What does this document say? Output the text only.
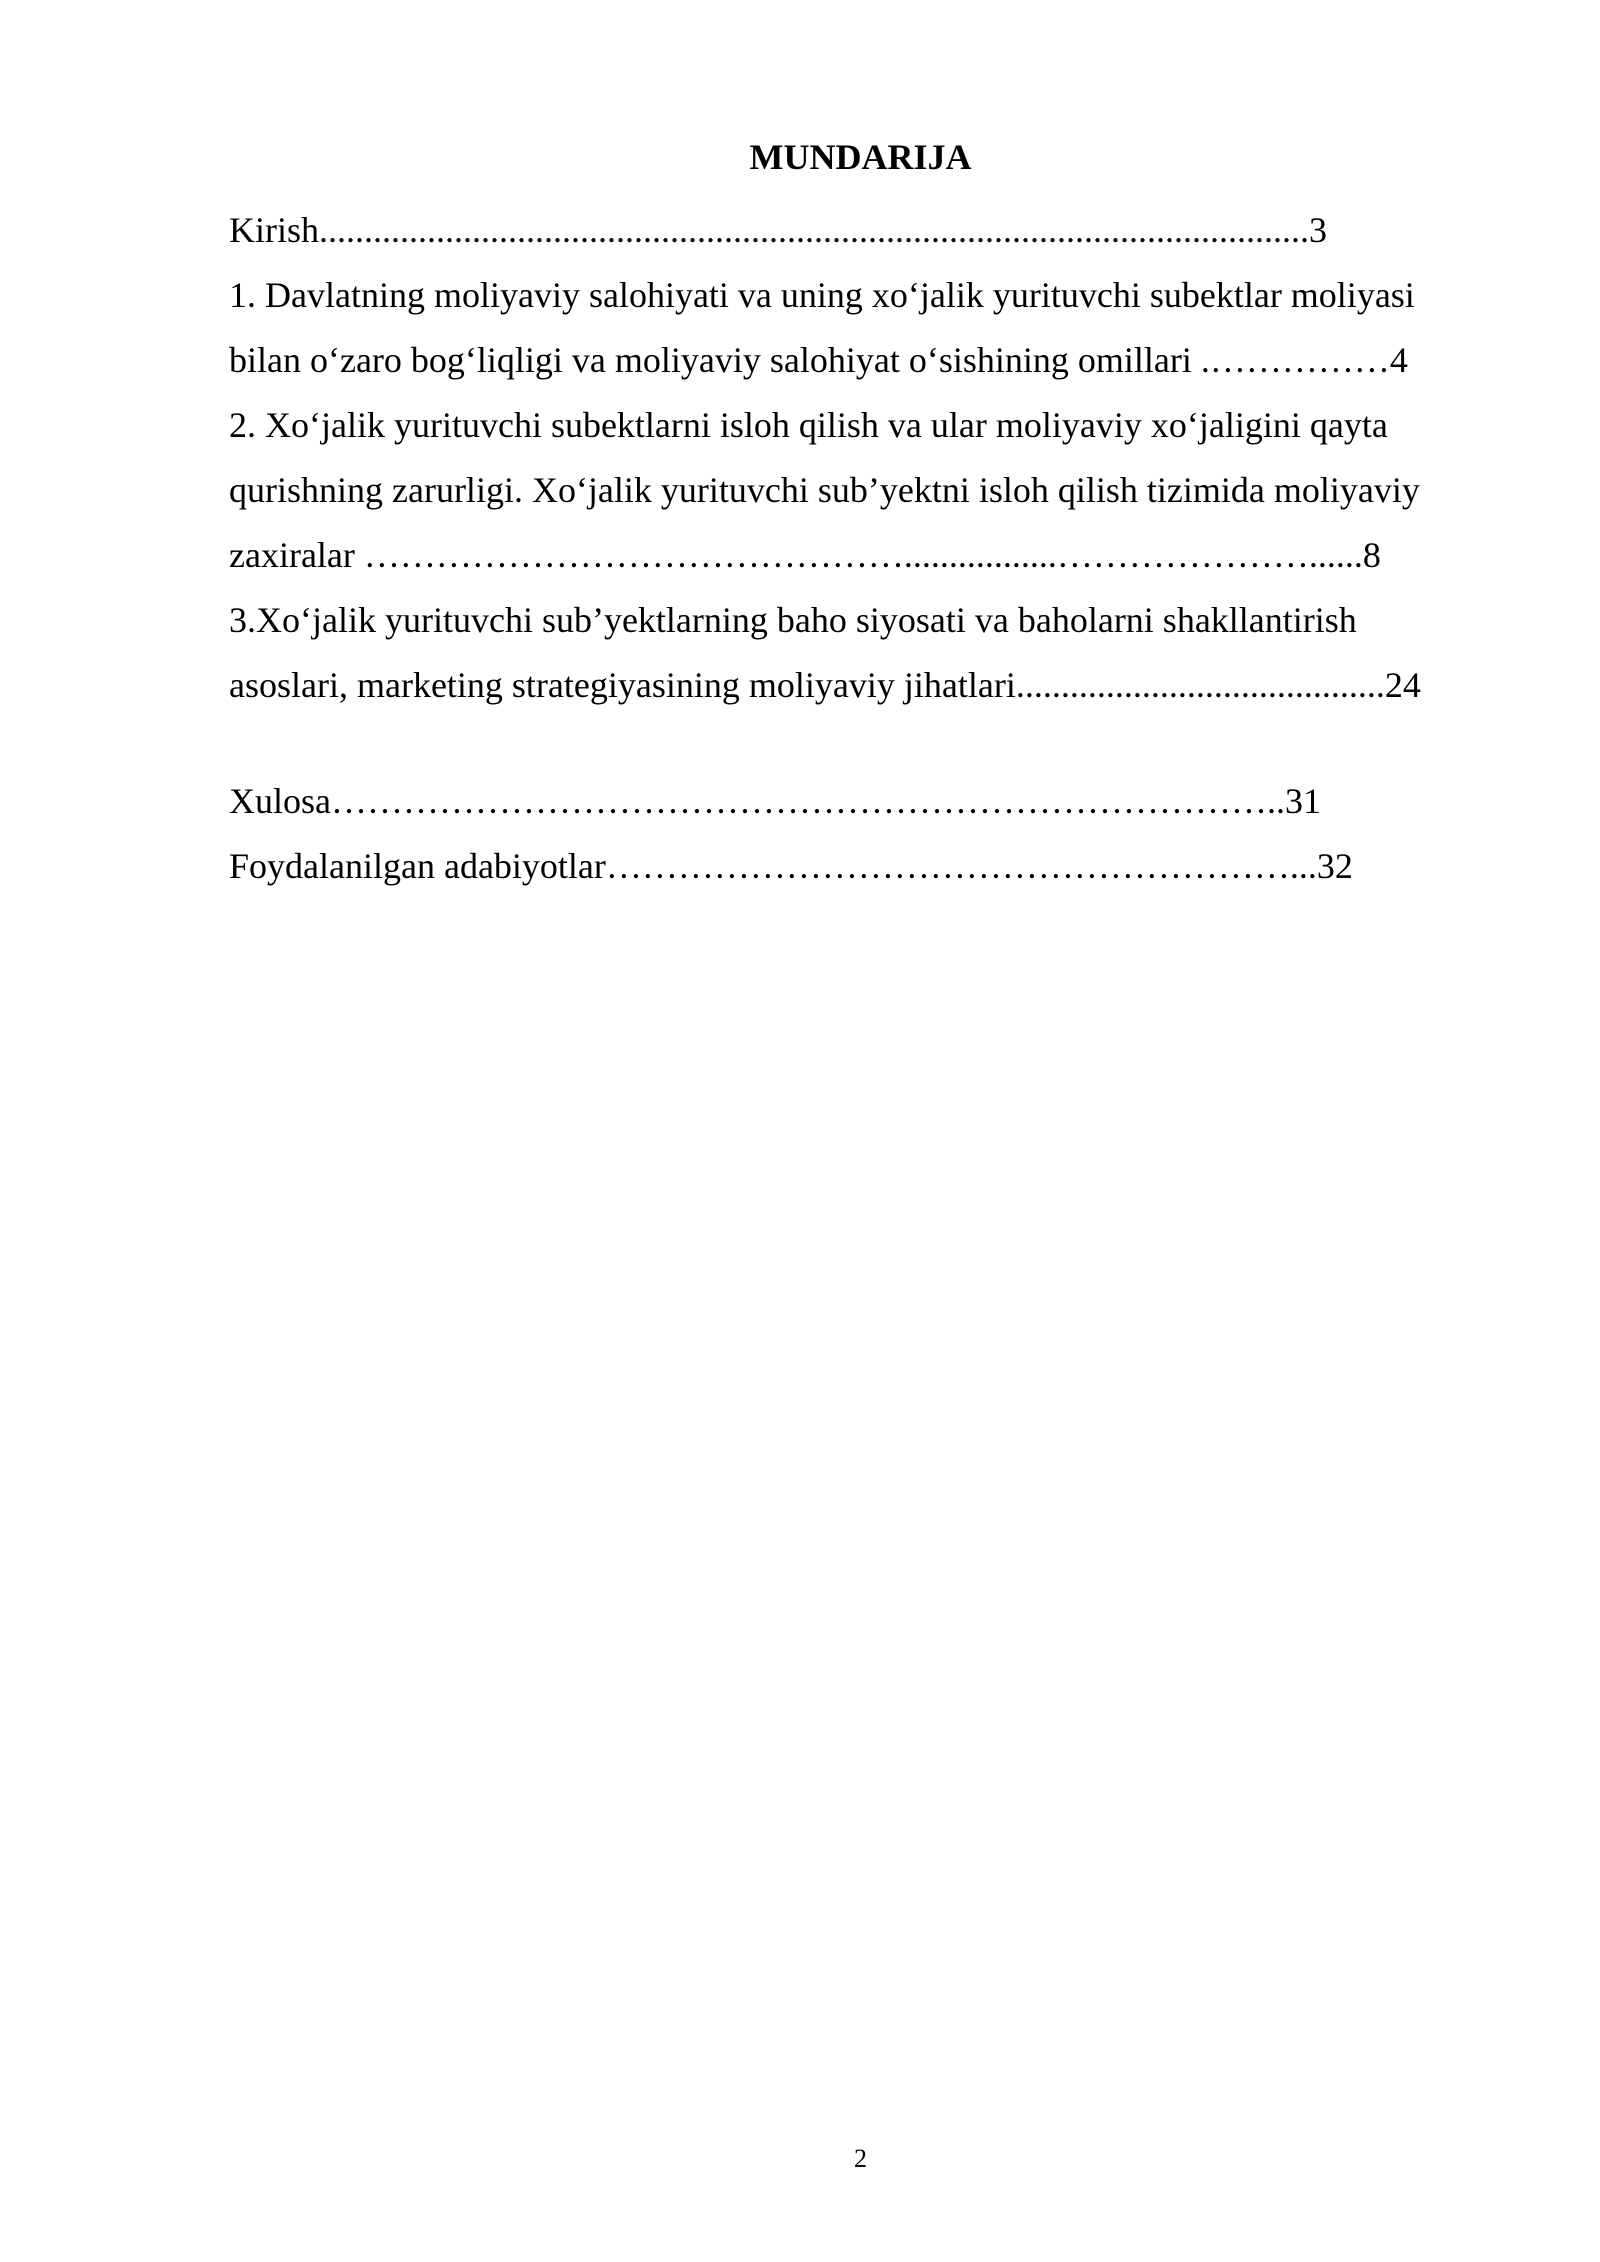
MUNDARIJA
Kirish..............................................................................................................3
1. Davlatning moliyaviy salohiyati va uning xo‘jalik yurituvchi subektlar moliyasi
bilan o‘zaro bog‘liqligi va moliyaviy salohiyat o‘sishining omillari .……………4
2. Xo‘jalik yurituvchi subektlarni isloh qilish va ular moliyaviy xo‘jaligini qayta
qurishning zarurligi. Xo‘jalik yurituvchi sub’yektni isloh qilish tizimida moliyaviy
zaxiralar ……………………………………….................…………………......8
3.Xo‘jalik yurituvchi sub’yektlarning baho siyosati va baholarni shakllantirish
asoslari, marketing strategiyasining moliyaviy jihatlari.........................................24
Xulosa……………………………………………………………………..31
Foydalanilgan adabiyotlar…………………………………………………...32
2
